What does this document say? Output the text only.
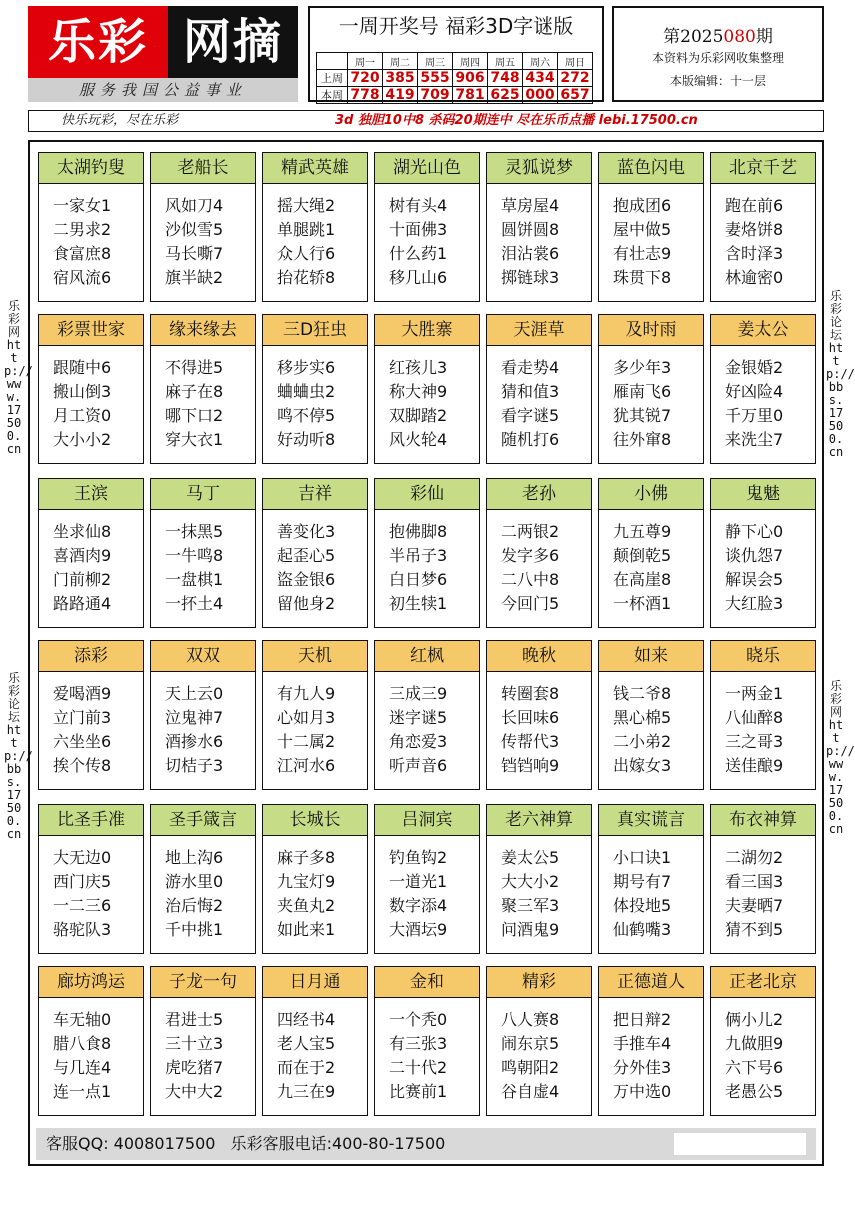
乐彩 网摘
服务我国公益事业
一周开奖号 福彩3D字谜版
	周一	周二	周三	周四	周五	周六	周日
上周	720	385	555	906	748	434	272
本周	778	419	709	781	625	000	657
第2025080期
本资料为乐彩网收集整理
本版编辑：十一层
快乐玩彩，尽在乐彩	3d 独胆10中8 杀码20期连中 尽在乐币点播 lebi.17500.cn
乐彩网 http://www.17500.cn
乐彩论坛 http://bbs.17500.cn
乐彩论坛 http://bbs.17500.cn
乐彩网 http://www.17500.cn
太湖钓叟
一家女1
二男求2
食富庶8
宿风流6
老船长
风如刀4
沙似雪5
马长嘶7
旗半缺2
精武英雄
摇大绳2
单腿跳1
众人行6
抬花轿8
湖光山色
树有头4
十面佛3
什么药1
移几山6
灵狐说梦
草房屋4
圆饼圆8
泪沾裳6
掷链球3
蓝色闪电
抱成团6
屋中做5
有壮志9
珠贯下8
北京千艺
跑在前6
妻烙饼8
含时泽3
林逾密0
彩票世家
跟随中6
搬山倒3
月工资0
大小小2
缘来缘去
不得进5
麻子在8
哪下口2
穿大衣1
三D狂虫
移步实6
蛐蛐虫2
鸣不停5
好动听8
大胜寨
红孩儿3
称大神9
双脚踏2
风火轮4
天涯草
看走势4
猜和值3
看字谜5
随机打6
及时雨
多少年3
雁南飞6
犹其锐7
往外窜8
姜太公
金银婚2
好凶险4
千万里0
来洗尘7
王滨
坐求仙8
喜酒肉9
门前柳2
路路通4
马丁
一抹黑5
一牛鸣8
一盘棋1
一抔土4
吉祥
善变化3
起歪心5
盜金银6
留他身2
彩仙
抱佛脚8
半吊子3
白日梦6
初生犊1
老孙
二两银2
发字多6
二八中8
今回门5
小佛
九五尊9
颠倒乾5
在高崖8
一杯酒1
鬼魅
静下心0
谈仇怨7
解误会5
大红脸3
添彩
爱喝酒9
立门前3
六坐坐6
挨个传8
双双
天上云0
泣鬼神7
酒掺水6
切桔子3
天机
有九人9
心如月3
十二属2
江河水6
红枫
三成三9
迷字谜5
角恋爱3
听声音6
晚秋
转圈套8
长回味6
传帮代3
铛铛响9
如来
钱二爷8
黑心棉5
二小弟2
出嫁女3
晓乐
一两金1
八仙醉8
三之哥3
送佳酿9
比圣手准
大无边0
西门庆5
一二三6
骆驼队3
圣手箴言
地上沟6
游水里0
治后悔2
千中挑1
长城长
麻子多8
九宝灯9
夹鱼丸2
如此来1
吕洞宾
钓鱼钩2
一道光1
数字添4
大酒坛9
老六神算
姜太公5
大大小2
聚三军3
问酒鬼9
真实谎言
小口诀1
期号有7
体投地5
仙鹤嘴3
布衣神算
二湖勿2
看三国3
夫妻晒7
猜不到5
廊坊鸿运
车无轴0
腊八食8
与几连4
连一点1
子龙一句
君进士5
三十立3
虎吃猪7
大中大2
日月通
四经书4
老人宝5
而在于2
九三在9
金和
一个秃0
有三张3
二十代2
比赛前1
精彩
八人赛8
闹东京5
鸣朝阳2
谷自虚4
正德道人
把日辩2
手推车4
分外佳3
万中选0
正老北京
俩小儿2
九做胆9
六下号6
老愚公5
客服QQ: 4008017500 乐彩客服电话:400-80-17500
